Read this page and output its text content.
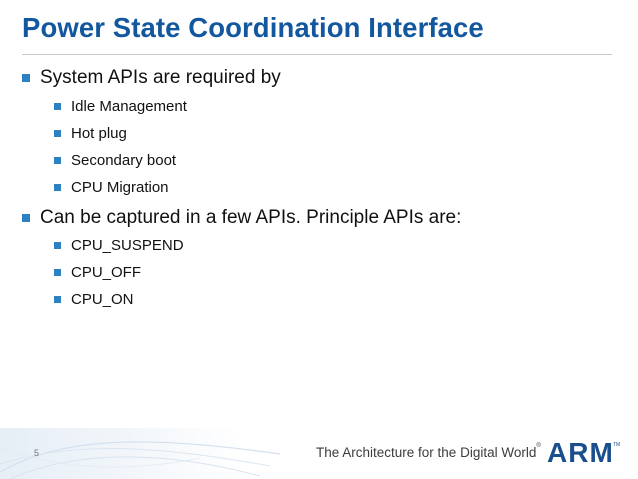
Power State Coordination Interface
System APIs are required by
Idle Management
Hot plug
Secondary boot
CPU Migration
Can be captured in a few APIs. Principle APIs are:
CPU_SUSPEND
CPU_OFF
CPU_ON
5	The Architecture for the Digital World® ARM TM
